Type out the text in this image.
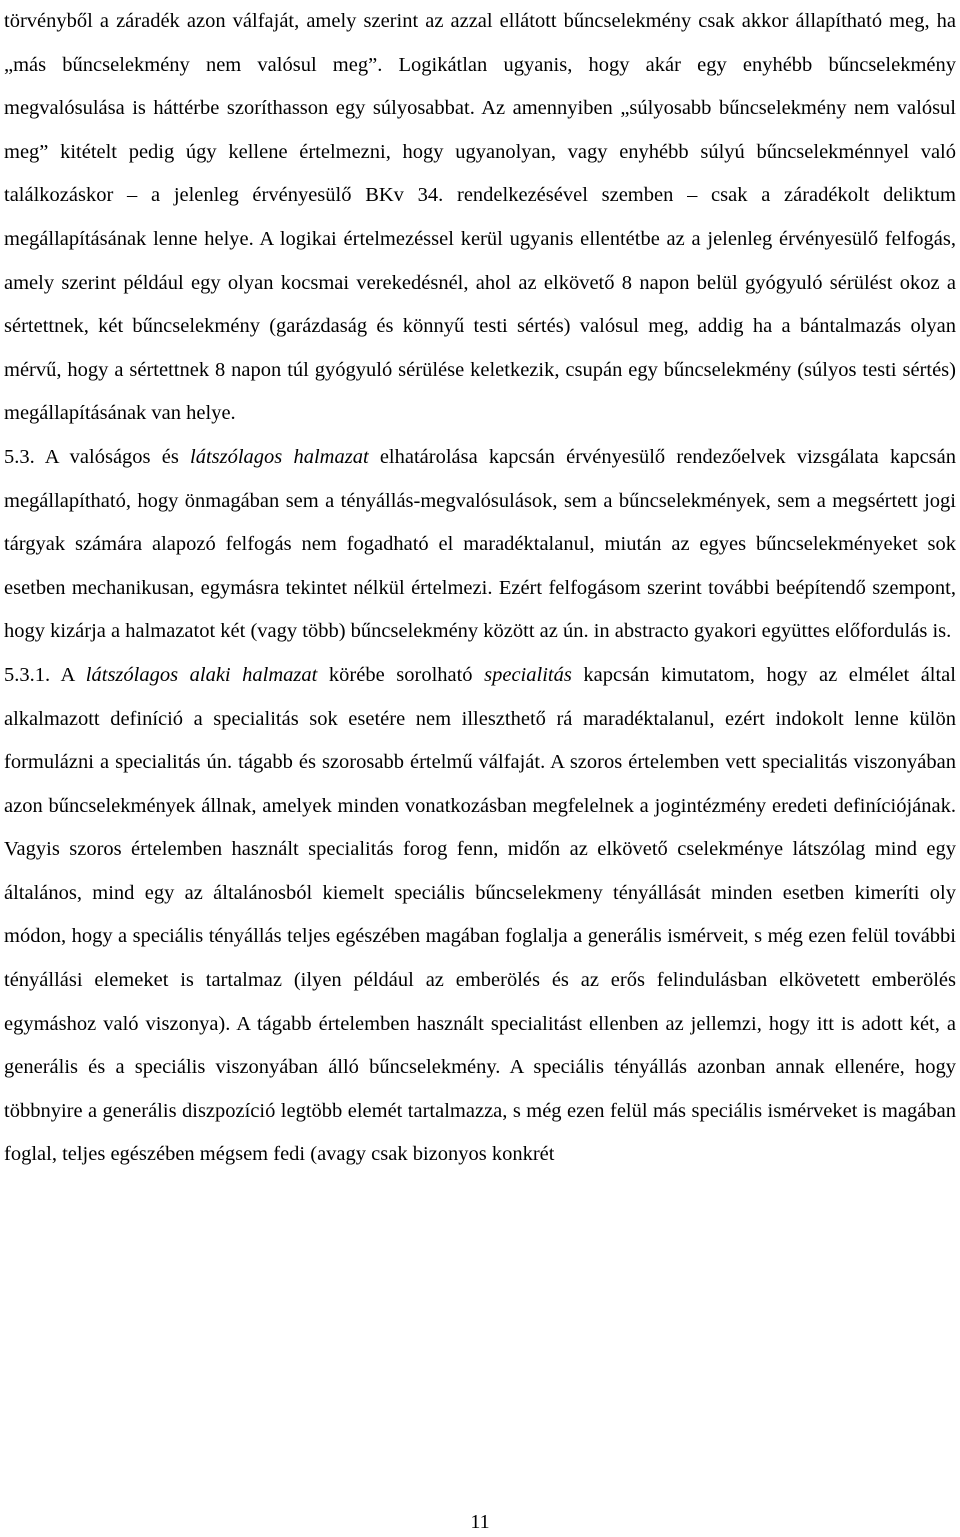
törvényből a záradék azon válfaját, amely szerint az azzal ellátott bűncselekmény csak akkor állapítható meg, ha „más bűncselekmény nem valósul meg”. Logikátlan ugyanis, hogy akár egy enyhébb bűncselekmény megvalósulása is háttérbe szoríthasson egy súlyosabbat. Az amennyiben „súlyosabb bűncselekmény nem valósul meg” kitételt pedig úgy kellene értelmezni, hogy ugyanolyan, vagy enyhébb súlyú bűncselekménnyel való találkozáskor – a jelenleg érvényesülő BKv 34. rendelkezésével szemben – csak a záradékolt deliktum megállapításának lenne helye. A logikai értelmezéssel kerül ugyanis ellentétbe az a jelenleg érvényesülő felfogás, amely szerint például egy olyan kocsmai verekedésnél, ahol az elkövető 8 napon belül gyógyuló sérülést okoz a sértettnek, két bűncselekmény (garázdaság és könnyű testi sértés) valósul meg, addig ha a bántalmazás olyan mérvű, hogy a sértettnek 8 napon túl gyógyuló sérülése keletkezik, csupán egy bűncselekmény (súlyos testi sértés) megállapításának van helye.

5.3. A valóságos és látszólagos halmazat elhatárolása kapcsán érvényesülő rendezőelvek vizsgálata kapcsán megállapítható, hogy önmagában sem a tényállás-megvalósulások, sem a bűncselekmények, sem a megsértett jogi tárgyak számára alapozó felfogás nem fogadható el maradéktalanul, miután az egyes bűncselekményeket sok esetben mechanikusan, egymásra tekintet nélkül értelmezi. Ezért felfogásom szerint további beépítendő szempont, hogy kizárja a halmazatot két (vagy több) bűncselekmény között az ún. in abstracto gyakori együttes előfordulás is.

5.3.1. A látszólagos alaki halmazat körébe sorolható specialitás kapcsán kimutatom, hogy az elmélet által alkalmazott definíció a specialitás sok esetére nem illeszthető rá maradéktalanul, ezért indokolt lenne külön formulázni a specialitás ún. tágabb és szorosabb értelmű válfaját. A szoros értelemben vett specialitás viszonyában azon bűncselekmények állnak, amelyek minden vonatkozásban megfelelnek a jogintézmény eredeti definíciójának. Vagyis szoros értelemben használt specialitás forog fenn, midőn az elkövető cselekménye látszólag mind egy általános, mind egy az általánosból kiemelt speciális bűncselekmeny tényállását minden esetben kimeríti oly módon, hogy a speciális tényállás teljes egészében magában foglalja a generális ismérveit, s még ezen felül további tényállási elemeket is tartalmaz (ilyen például az emberölés és az erős felindulásban elkövetett emberölés egymáshoz való viszonya). A tágabb értelemben használt specialitást ellenben az jellemzi, hogy itt is adott két, a generális és a speciális viszonyában álló bűncselekmény. A speciális tényállás azonban annak ellenére, hogy többnyire a generális diszpozíció legtöbb elemét tartalmazza, s még ezen felül más speciális ismérveket is magában foglal, teljes egészében mégsem fedi (avagy csak bizonyos konkrét

11
